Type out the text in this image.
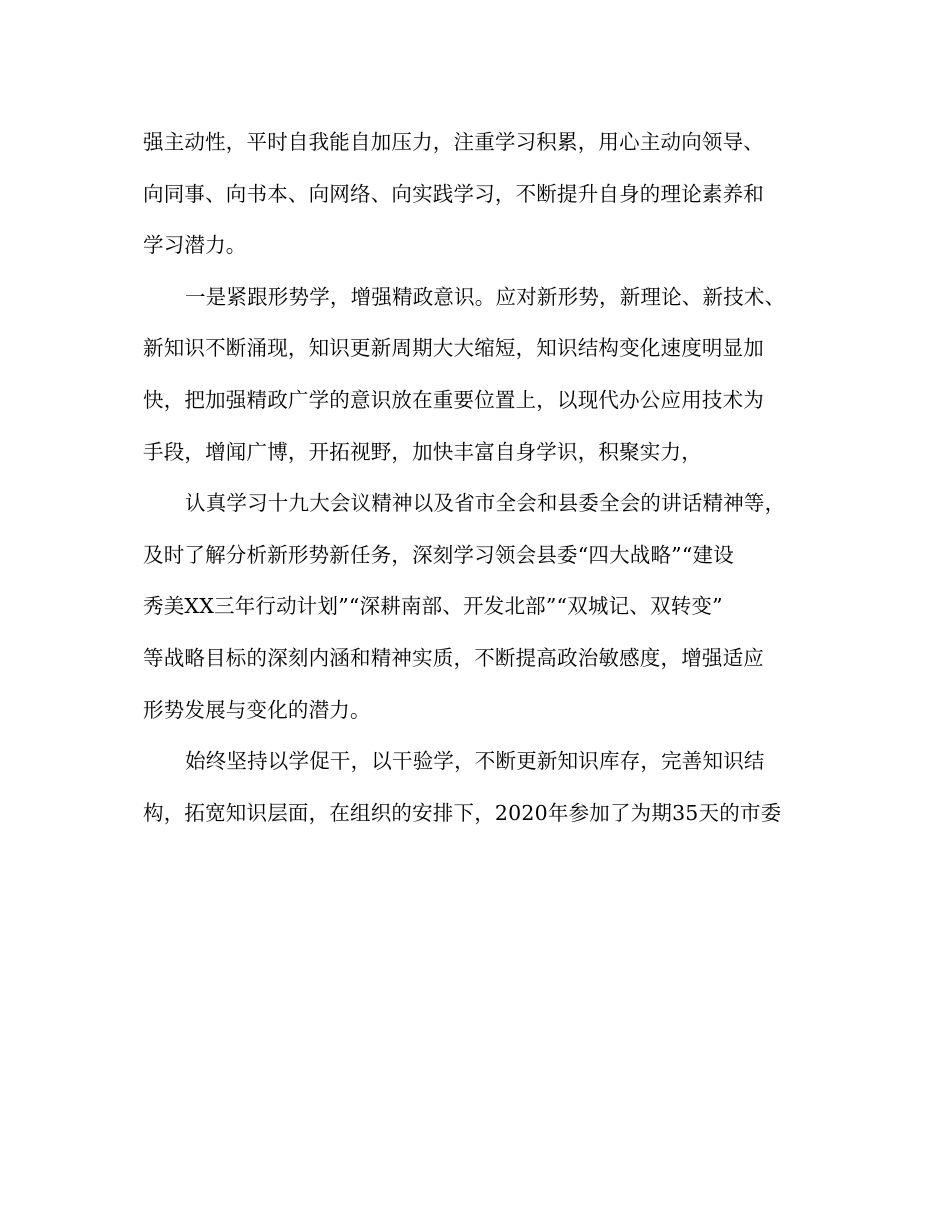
强主动性，平时自我能自加压力，注重学习积累，用心主动向领导、
向同事、向书本、向网络、向实践学习，不断提升自身的理论素养和
学习潜力。
一是紧跟形势学，增强精政意识。应对新形势，新理论、新技术、
新知识不断涌现，知识更新周期大大缩短，知识结构变化速度明显加
快，把加强精政广学的意识放在重要位置上，以现代办公应用技术为
手段，增闻广博，开拓视野，加快丰富自身学识，积聚实力，
认真学习十九大会议精神以及省市全会和县委全会的讲话精神等，
及时了解分析新形势新任务，深刻学习领会县委“四大战略”“建设
秀美XX三年行动计划”“深耕南部、开发北部”“双城记、双转变”
等战略目标的深刻内涵和精神实质，不断提高政治敏感度，增强适应
形势发展与变化的潜力。
始终坚持以学促干，以干验学，不断更新知识库存，完善知识结
构，拓宽知识层面，在组织的安排下，2020年参加了为期35天的市委
